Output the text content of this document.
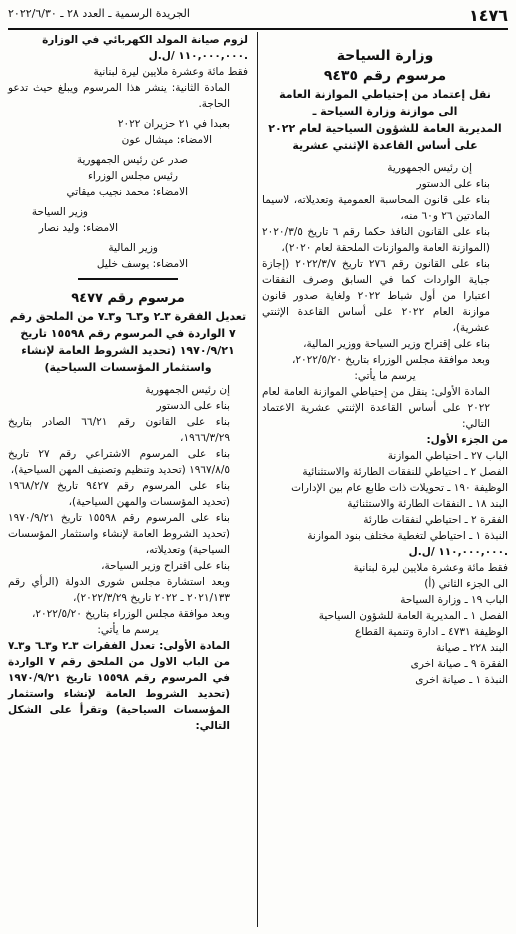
١٤٧٦
الجريدة الرسمية ـ العدد ٢٨ ـ ٢٠٢٢/٦/٣٠

وزارة السياحة

مرسوم رقم ٩٤٣٥

نقل إعتماد من إحتياطي الموازنة العامة

الى موازنة وزارة السياحة ـ

المديرية العامة للشؤون السياحية لعام ٢٠٢٢

على أساس القاعدة الإثنتي عشرية

إن رئيس الجمهورية

بناء على الدستور

بناء على قانون المحاسبة العمومية وتعديلاته، لاسيما المادتين ٢٦ و٦٠ منه،

بناء على القانون النافذ حكما رقم ٦ تاريخ ٢٠٢٠/٣/٥ (الموازنة العامة والموازنات الملحقة لعام ٢٠٢٠)،

بناء على القانون رقم ٢٧٦ تاريخ ٢٠٢٢/٣/٧ (إجازة جباية الواردات كما في السابق وصرف النفقات اعتبارا من أول شباط ٢٠٢٢ ولغاية صدور قانون موازنة العام ٢٠٢٢ على أساس القاعدة الإثنتي عشرية)،

بناء على إقتراح وزير السياحة ووزير المالية،

وبعد موافقة مجلس الوزراء بتاريخ ٢٠٢٢/٥/٢٠،

يرسم ما يأتي:

المادة الأولى: ينقل من إحتياطي الموازنة العامة لعام ٢٠٢٢ على أساس القاعدة الإثنتي عشرية الاعتماد التالي:

من الجزء الأول:

الباب ٢٧ ـ احتياطي الموازنة

الفصل ٢ ـ احتياطي للنفقات الطارئة والاستثنائية

الوظيفة ١٩٠ ـ تحويلات ذات طابع عام بين الإدارات

البند ١٨ ـ النفقات الطارئة والاستثنائية

الفقرة ٢ ـ احتياطي لنفقات طارئة

النبذة ١ ـ احتياطي لتغطية مختلف بنود الموازنة

١١٠,٠٠٠,٠٠٠ /ل.ل.

فقط مائة وعشرة ملايين ليرة لبنانية

الى الجزء الثاني (أ)

الباب ١٩ ـ وزارة السياحة

الفصل ١ ـ المديرية العامة للشؤون السياحية

الوظيفة ٤٧٣١ ـ ادارة وتنمية القطاع

البند ٢٢٨ ـ صيانة

الفقرة ٩ ـ صيانة اخرى

النبذة ١ ـ صيانة اخرى

لزوم صيانة المولد الكهربائي في الوزارة

١١٠,٠٠٠,٠٠٠ /ل.ل.

فقط مائة وعشرة ملايين ليرة لبنانية

المادة الثانية: ينشر هذا المرسوم ويبلغ حيث تدعو الحاجة.

بعبدا في ٢١ حزيران ٢٠٢٢

الامضاء: ميشال عون

صدر عن رئيس الجمهورية

رئيس مجلس الوزراء

الامضاء: محمد نجيب ميقاتي

وزير السياحة

الامضاء: وليد نصار

وزير المالية

الامضاء: يوسف خليل

مرسوم رقم ٩٤٧٧

تعديل الفقرة ٣ـ٢ و٣ـ٦ و٣ـ٧ من الملحق رقم ٧ الواردة في المرسوم رقم ١٥٥٩٨ تاريخ ١٩٧٠/٩/٢١ (تحديد الشروط العامة لإنشاء واستثمار المؤسسات السياحية)

إن رئيس الجمهورية

بناء على الدستور

بناء على القانون رقم ٦٦/٢١ الصادر بتاريخ ١٩٦٦/٣/٢٩،

بناء على المرسوم الاشتراعي رقم ٢٧ تاريخ ١٩٦٧/٨/٥ (تحديد وتنظيم وتصنيف المهن السياحية)،

بناء على المرسوم رقم ٩٤٢٧ تاريخ ١٩٦٨/٢/٧ (تحديد المؤسسات والمهن السياحية)،

بناء على المرسوم رقم ١٥٥٩٨ تاريخ ١٩٧٠/٩/٢١ (تحديد الشروط العامة لإنشاء واستثمار المؤسسات السياحية) وتعديلاته،

بناء على اقتراح وزير السياحة،

وبعد استشارة مجلس شورى الدولة (الرأي رقم ٢٠٢١/١٣٣ ـ ٢٠٢٢ تاريخ ٢٠٢٢/٣/٢٩)،

وبعد موافقة مجلس الوزراء بتاريخ ٢٠٢٢/٥/٢٠،

يرسم ما يأتي:

المادة الأولى: تعدل الفقرات ٣ـ٢ و٣ـ٦ و٣ـ٧ من الباب الاول من الملحق رقم ٧ الواردة في المرسوم رقم ١٥٥٩٨ تاريخ ١٩٧٠/٩/٢١ (تحديد الشروط العامة لإنشاء واستثمار المؤسسات السياحية) وتقرأ على الشكل التالي:
